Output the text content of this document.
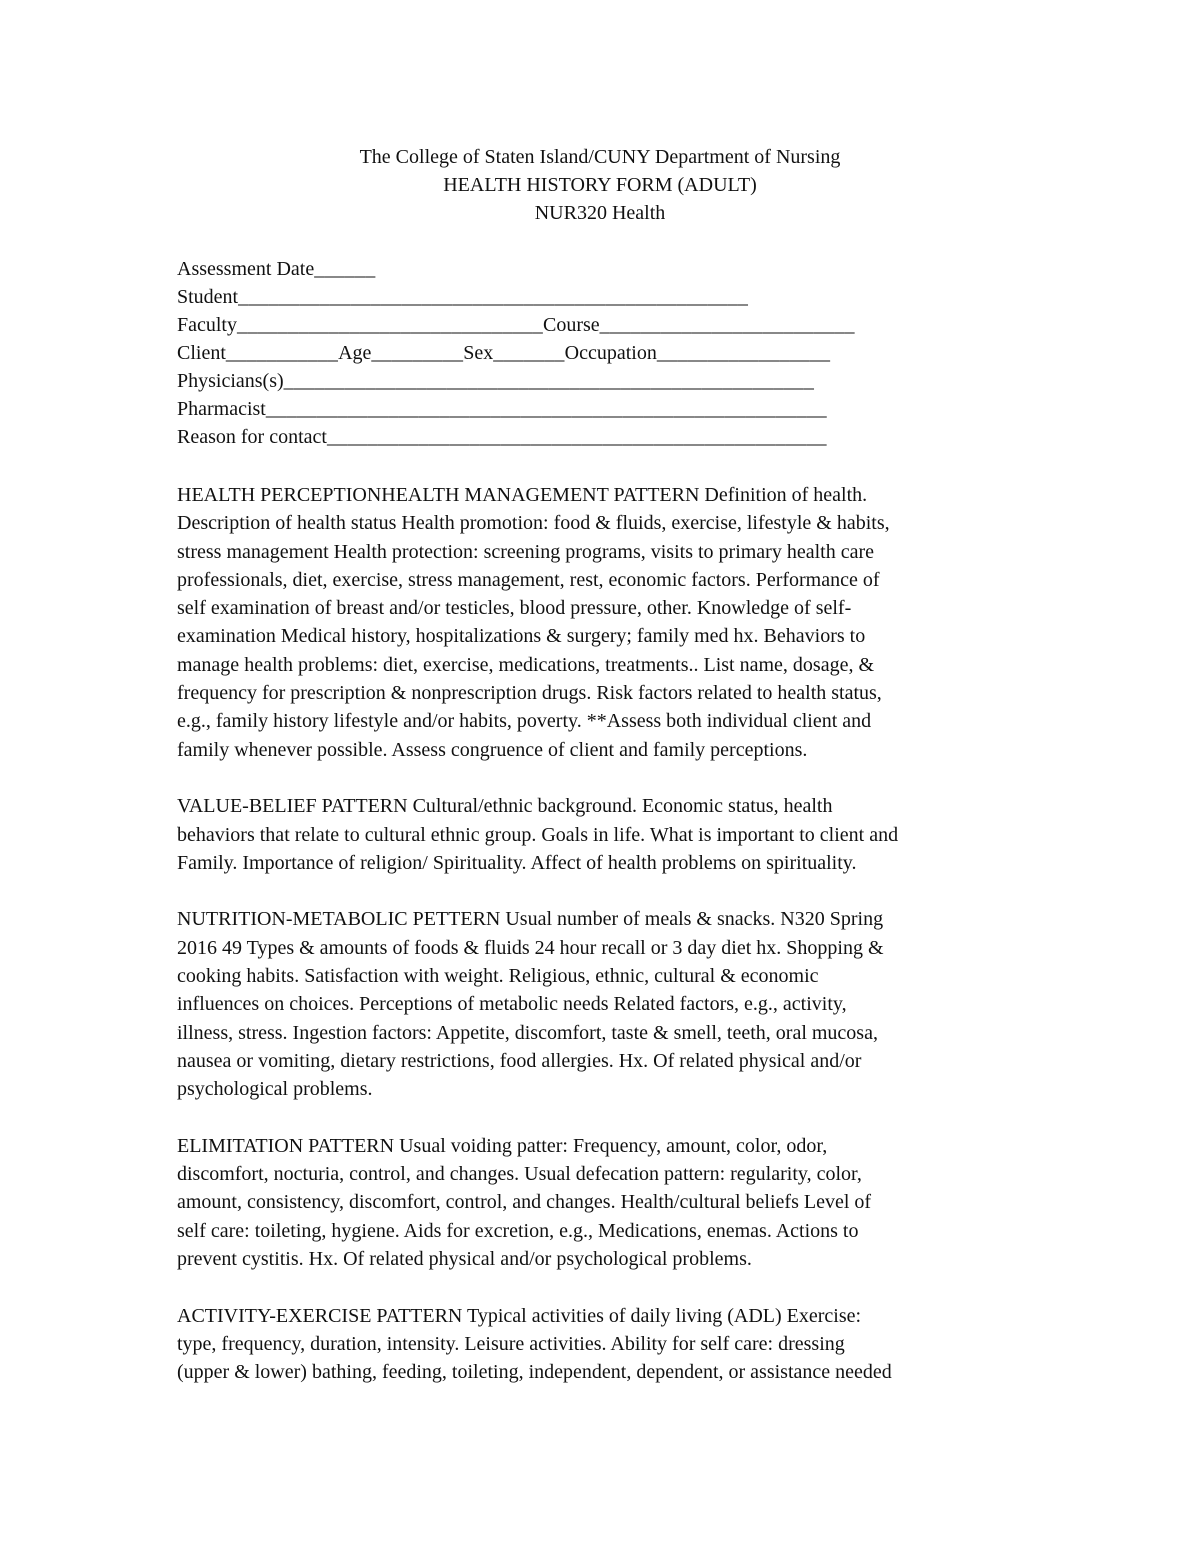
The College of Staten Island/CUNY Department of Nursing
HEALTH HISTORY FORM (ADULT)
NUR320 Health
Assessment Date______
Student__________________________________________________
Faculty______________________________Course_________________________
Client___________Age_________Sex_______Occupation_________________
Physicians(s)____________________________________________________
Pharmacist_______________________________________________________
Reason for contact_________________________________________________

HEALTH PERCEPTIONHEALTH MANAGEMENT PATTERN Definition of health.
Description of health status Health promotion: food & fluids, exercise, lifestyle & habits,
stress management Health protection: screening programs, visits to primary health care
professionals, diet, exercise, stress management, rest, economic factors. Performance of
self examination of breast and/or testicles, blood pressure, other. Knowledge of self-
examination Medical history, hospitalizations & surgery; family med hx. Behaviors to
manage health problems: diet, exercise, medications, treatments.. List name, dosage, &
frequency for prescription & nonprescription drugs. Risk factors related to health status,
e.g., family history lifestyle and/or habits, poverty. **Assess both individual client and
family whenever possible. Assess congruence of client and family perceptions.

VALUE-BELIEF PATTERN Cultural/ethnic background. Economic status, health
behaviors that relate to cultural ethnic group. Goals in life. What is important to client and
Family. Importance of religion/ Spirituality. Affect of health problems on spirituality.

NUTRITION-METABOLIC PETTERN Usual number of meals & snacks. N320 Spring
2016 49 Types & amounts of foods & fluids 24 hour recall or 3 day diet hx. Shopping &
cooking habits. Satisfaction with weight. Religious, ethnic, cultural & economic
influences on choices. Perceptions of metabolic needs Related factors, e.g., activity,
illness, stress. Ingestion factors: Appetite, discomfort, taste & smell, teeth, oral mucosa,
nausea or vomiting, dietary restrictions, food allergies. Hx. Of related physical and/or
psychological problems.

ELIMITATION PATTERN Usual voiding patter: Frequency, amount, color, odor,
discomfort, nocturia, control, and changes. Usual defecation pattern: regularity, color,
amount, consistency, discomfort, control, and changes. Health/cultural beliefs Level of
self care: toileting, hygiene. Aids for excretion, e.g., Medications, enemas. Actions to
prevent cystitis. Hx. Of related physical and/or psychological problems.

ACTIVITY-EXERCISE PATTERN Typical activities of daily living (ADL) Exercise:
type, frequency, duration, intensity. Leisure activities. Ability for self care: dressing
(upper & lower) bathing, feeding, toileting, independent, dependent, or assistance needed
